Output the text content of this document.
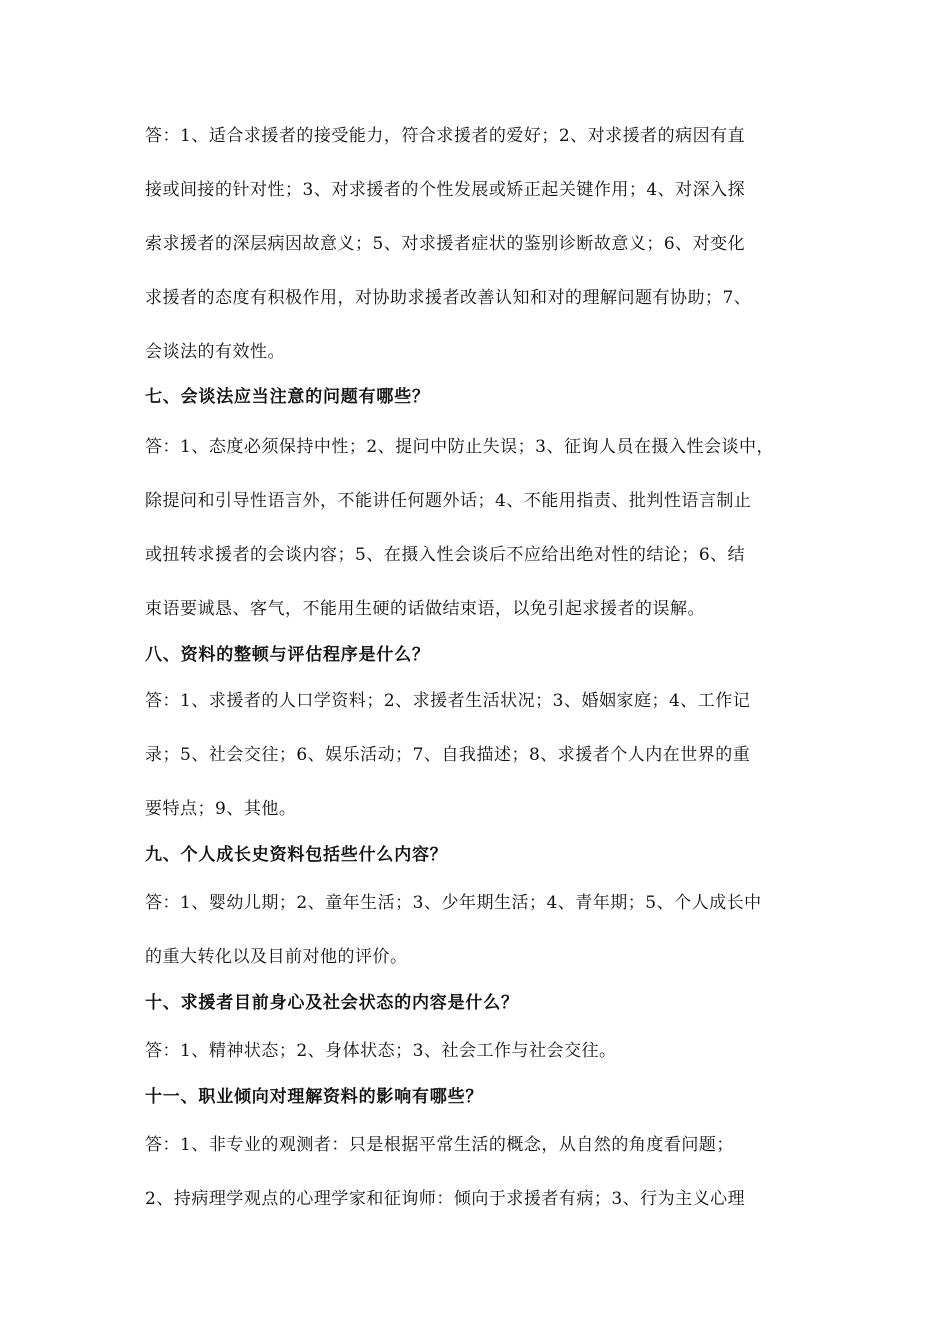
答：1、适合求援者的接受能力，符合求援者的爱好；2、对求援者的病因有直
接或间接的针对性；3、对求援者的个性发展或矫正起关键作用；4、对深入探
索求援者的深层病因故意义；5、对求援者症状的鉴别诊断故意义；6、对变化
求援者的态度有积极作用，对协助求援者改善认知和对的理解问题有协助；7、
会谈法的有效性。
七、会谈法应当注意的问题有哪些？
答：1、态度必须保持中性；2、提问中防止失误；3、征询人员在摄入性会谈中，
除提问和引导性语言外，不能讲任何题外话；4、不能用指责、批判性语言制止
或扭转求援者的会谈内容；5、在摄入性会谈后不应给出绝对性的结论；6、结
束语要诚恳、客气，不能用生硬的话做结束语，以免引起求援者的误解。
八、资料的整顿与评估程序是什么？
答：1、求援者的人口学资料；2、求援者生活状况；3、婚姻家庭；4、工作记
录；5、社会交往；6、娱乐活动；7、自我描述；8、求援者个人内在世界的重
要特点；9、其他。
九、个人成长史资料包括些什么内容？
答：1、婴幼儿期；2、童年生活；3、少年期生活；4、青年期；5、个人成长中
的重大转化以及目前对他的评价。
十、求援者目前身心及社会状态的内容是什么？
答：1、精神状态；2、身体状态；3、社会工作与社会交往。
十一、职业倾向对理解资料的影响有哪些？
答：1、非专业的观测者：只是根据平常生活的概念，从自然的角度看问题；
2、持病理学观点的心理学家和征询师：倾向于求援者有病；3、行为主义心理
